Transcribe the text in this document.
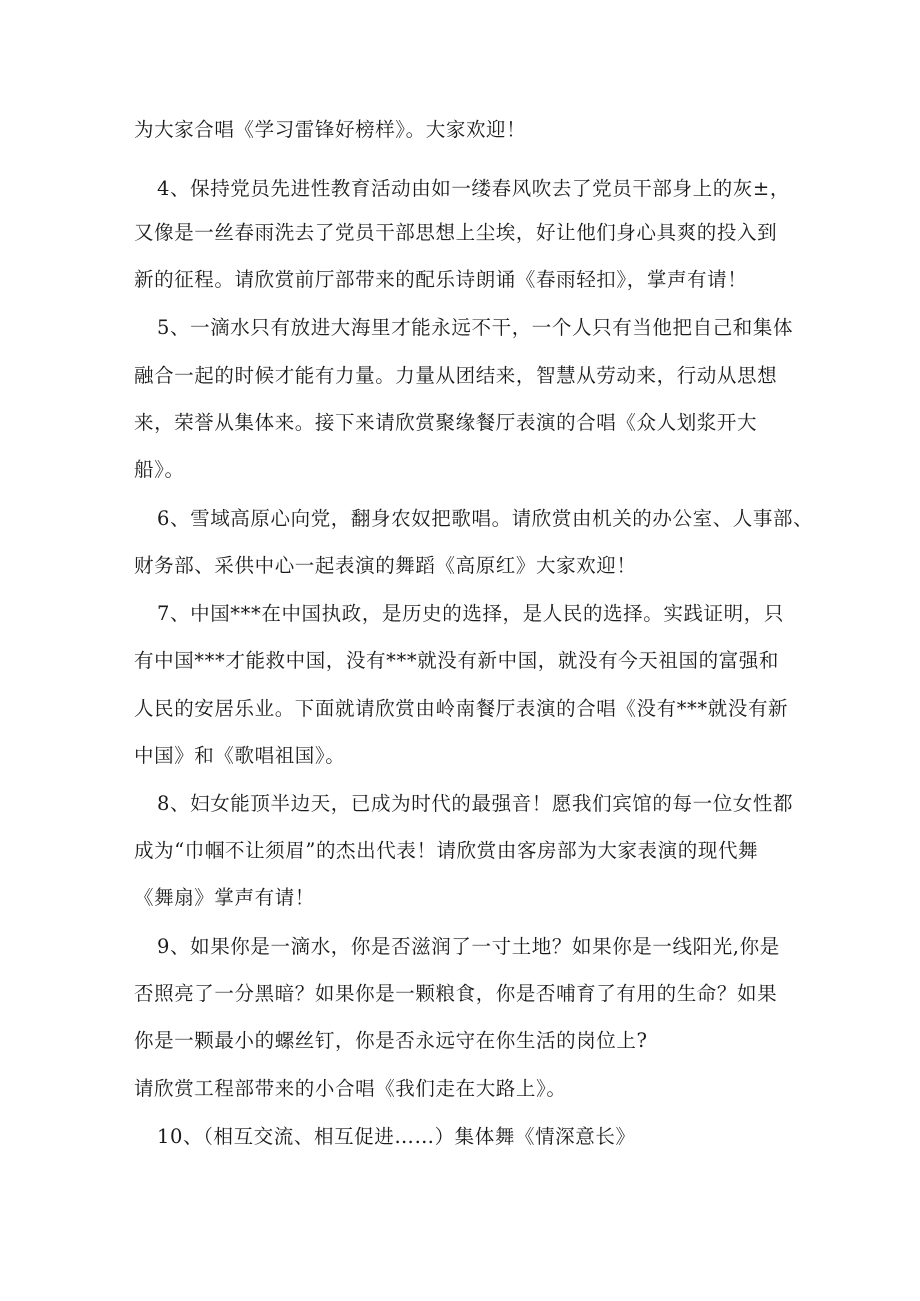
为大家合唱《学习雷锋好榜样》。大家欢迎！
4、保持党员先进性教育活动由如一缕春风吹去了党员干部身上的灰±，
又像是一丝春雨洗去了党员干部思想上尘埃，好让他们身心具爽的投入到
新的征程。请欣赏前厅部带来的配乐诗朗诵《春雨轻扣》，掌声有请！
5、一滴水只有放进大海里才能永远不干，一个人只有当他把自己和集体
融合一起的时候才能有力量。力量从团结来，智慧从劳动来，行动从思想
来，荣誉从集体来。接下来请欣赏聚缘餐厅表演的合唱《众人划浆开大
船》。
6、雪域高原心向党，翻身农奴把歌唱。请欣赏由机关的办公室、人事部、
财务部、采供中心一起表演的舞蹈《高原红》大家欢迎！
7、中国***在中国执政，是历史的选择，是人民的选择。实践证明，只
有中国***才能救中国，没有***就没有新中国，就没有今天祖国的富强和
人民的安居乐业。下面就请欣赏由岭南餐厅表演的合唱《没有***就没有新
中国》和《歌唱祖国》。
8、妇女能顶半边天，已成为时代的最强音！愿我们宾馆的每一位女性都
成为“巾帼不让须眉”的杰出代表！请欣赏由客房部为大家表演的现代舞
《舞扇》掌声有请！
9、如果你是一滴水，你是否滋润了一寸土地？如果你是一线阳光,你是
否照亮了一分黑暗？如果你是一颗粮食，你是否哺育了有用的生命？如果
你是一颗最小的螺丝钉，你是否永远守在你生活的岗位上?
请欣赏工程部带来的小合唱《我们走在大路上》。
10、（相互交流、相互促进……）集体舞《情深意长》
